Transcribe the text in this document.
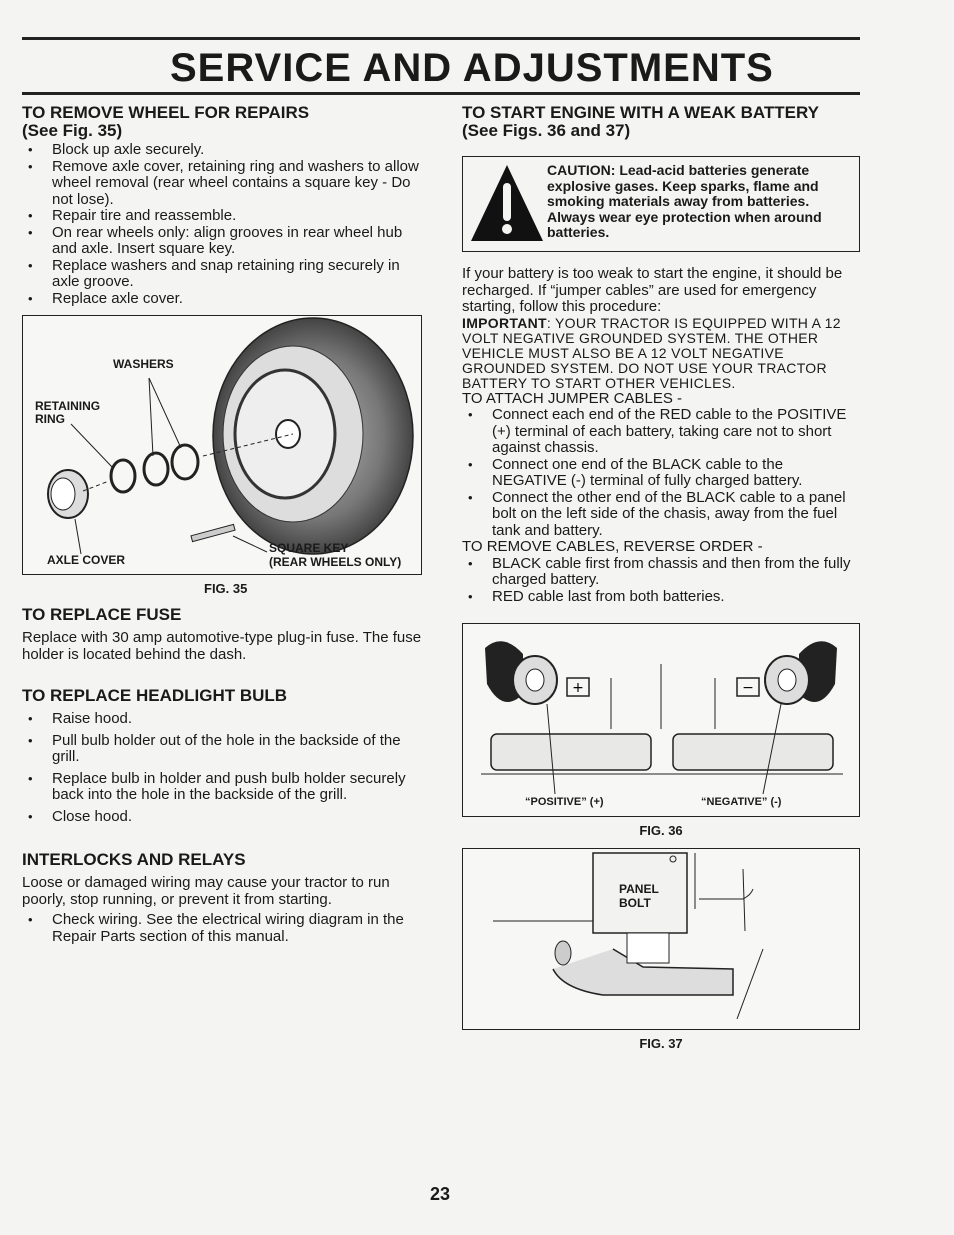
SERVICE AND ADJUSTMENTS
TO REMOVE WHEEL FOR REPAIRS
(See Fig. 35)
• Block up axle securely.
• Remove axle cover, retaining ring and washers to allow wheel removal (rear wheel contains a square key - Do not lose).
• Repair tire and reassemble.
• On rear wheels only: align grooves in rear wheel hub and axle. Insert square key.
• Replace washers and snap retaining ring securely in axle groove.
• Replace axle cover.
WASHERS
RETAINING RING
AXLE COVER
SQUARE KEY
(REAR WHEELS ONLY)
FIG. 35
TO REPLACE FUSE

Replace with 30 amp automotive-type plug-in fuse. The fuse holder is located behind the dash.

TO REPLACE HEADLIGHT BULB
• Raise hood.
• Pull bulb holder out of the hole in the backside of the grill.
• Replace bulb in holder and push bulb holder securely back into the hole in the backside of the grill.
• Close hood.
INTERLOCKS AND RELAYS

Loose or damaged wiring may cause your tractor to run poorly, stop running, or prevent it from starting.

• Check wiring. See the electrical wiring diagram in the Repair Parts section of this manual.
TO START ENGINE WITH A WEAK BATTERY
(See Figs. 36 and 37)
CAUTION: Lead-acid batteries generate explosive gases. Keep sparks, flame and smoking materials away from batteries. Always wear eye protection when around batteries.

If your battery is too weak to start the engine, it should be recharged. If “jumper cables” are used for emergency starting, follow this procedure:

IMPORTANT: YOUR TRACTOR IS EQUIPPED WITH A 12 VOLT NEGATIVE GROUNDED SYSTEM. THE OTHER VEHICLE MUST ALSO BE A 12 VOLT NEGATIVE GROUNDED SYSTEM. DO NOT USE YOUR TRACTOR BATTERY TO START OTHER VEHICLES.

TO ATTACH JUMPER CABLES -

• Connect each end of the RED cable to the POSITIVE (+) terminal of each battery, taking care not to short against chassis.
• Connect one end of the BLACK cable to the NEGATIVE (-) terminal of fully charged battery.
• Connect the other end of the BLACK cable to a panel bolt on the left side of the chasis, away from the fuel tank and battery.

TO REMOVE CABLES, REVERSE ORDER -

• BLACK cable first from chassis and then from the fully charged battery.
• RED cable last from both batteries.
+	−
“POSITIVE” (+)	“NEGATIVE” (-)
FIG. 36
PANEL
BOLT
FIG. 37
23
